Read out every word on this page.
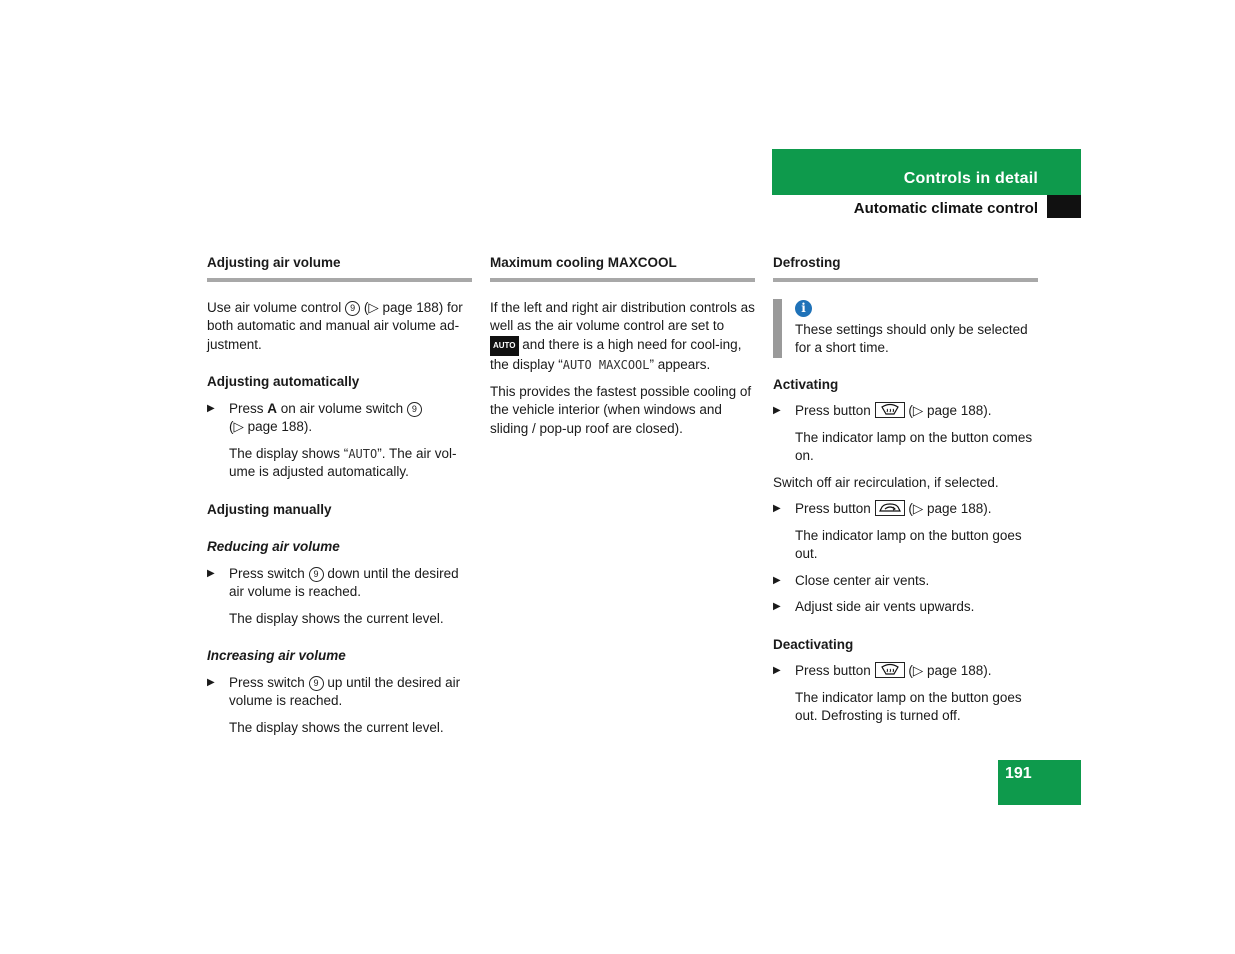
Controls in detail
Automatic climate control
Adjusting air volume

Use air volume control 9 (▷ page 188) for both automatic and manual air volume ad-justment.

Adjusting automatically
▶ Press A on air volume switch 9
(▷ page 188).
The display shows “AUTO”. The air vol-ume is adjusted automatically.
Adjusting manually
Reducing air volume
▶ Press switch 9 down until the desired air volume is reached.
The display shows the current level.
Increasing air volume
▶ Press switch 9 up until the desired air volume is reached.
The display shows the current level.
Maximum cooling MAXCOOL

If the left and right air distribution controls as well as the air volume control are set to AUTO and there is a high need for cool-ing, the display “AUTO MAXCOOL” appears.

This provides the fastest possible cooling of the vehicle interior (when windows and sliding / pop-up roof are closed).

Defrosting
i
These settings should only be selected for a short time.
Activating
▶ Press button	(▷ page 188).
The indicator lamp on the button comes on.

Switch off air recirculation, if selected.

▶ Press button	(▷ page 188).
The indicator lamp on the button goes out.
▶ Close center air vents.
▶ Adjust side air vents upwards.
Deactivating
▶ Press button	(▷ page 188).
The indicator lamp on the button goes out. Defrosting is turned off.
191
